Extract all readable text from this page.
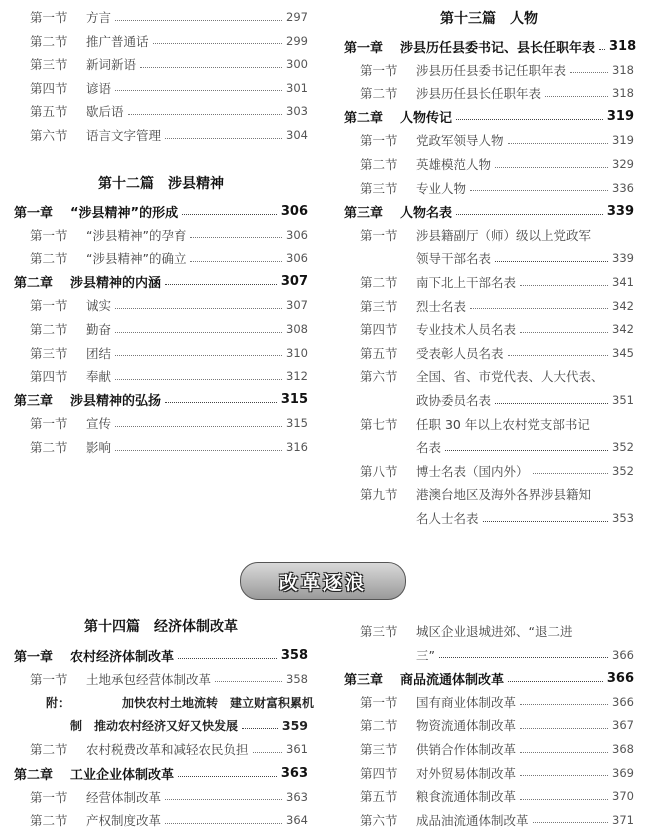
第一节	方言	297
第二节	推广普通话	299
第三节	新词新语	300
第四节	谚语	301
第五节	歇后语	303
第六节	语言文字管理	304
第十二篇　涉县精神
第一章	“涉县精神”的形成	306
第一节	“涉县精神”的孕育	306
第二节	“涉县精神”的确立	306
第二章	涉县精神的内涵	307
第一节	诚实	307
第二节	勤奋	308
第三节	团结	310
第四节	奉献	312
第三章	涉县精神的弘扬	315
第一节	宣传	315
第二节	影响	316
第十三篇　人物
第一章	涉县历任县委书记、县长任职年表 318
第一节	涉县历任县委书记任职年表	318
第二节	涉县历任县长任职年表	318
第二章	人物传记	319
第一节	党政军领导人物	319
第二节	英雄模范人物	329
第三节	专业人物	336
第三章	人物名表	339
第一节	涉县籍副厅（师）级以上党政军
领导干部名表	339
第二节	南下北上干部名表	341
第三节	烈士名表	342
第四节	专业技术人员名表	342
第五节	受表彰人员名表	345
第六节	全国、省、市党代表、人大代表、
政协委员名表	351
第七节	任职 30 年以上农村党支部书记
名表	352
第八节	博士名表（国内外）	352
第九节	港澳台地区及海外各界涉县籍知
名人士名表	353
改革逐浪
第十四篇　经济体制改革
第一章	农村经济体制改革	358
第一节	土地承包经营体制改革	358
附：	加快农村土地流转　建立财富积累机
制　推动农村经济又好又快发展	359
第二节	农村税费改革和减轻农民负担	361
第二章	工业企业体制改革	363
第一节	经营体制改革	363
第二节	产权制度改革	364
第三节	城区企业退城进郊、“退二进
三”	366
第三章	商品流通体制改革	366
第一节	国有商业体制改革	366
第二节	物资流通体制改革	367
第三节	供销合作体制改革	368
第四节	对外贸易体制改革	369
第五节	粮食流通体制改革	370
第六节	成品油流通体制改革	371
